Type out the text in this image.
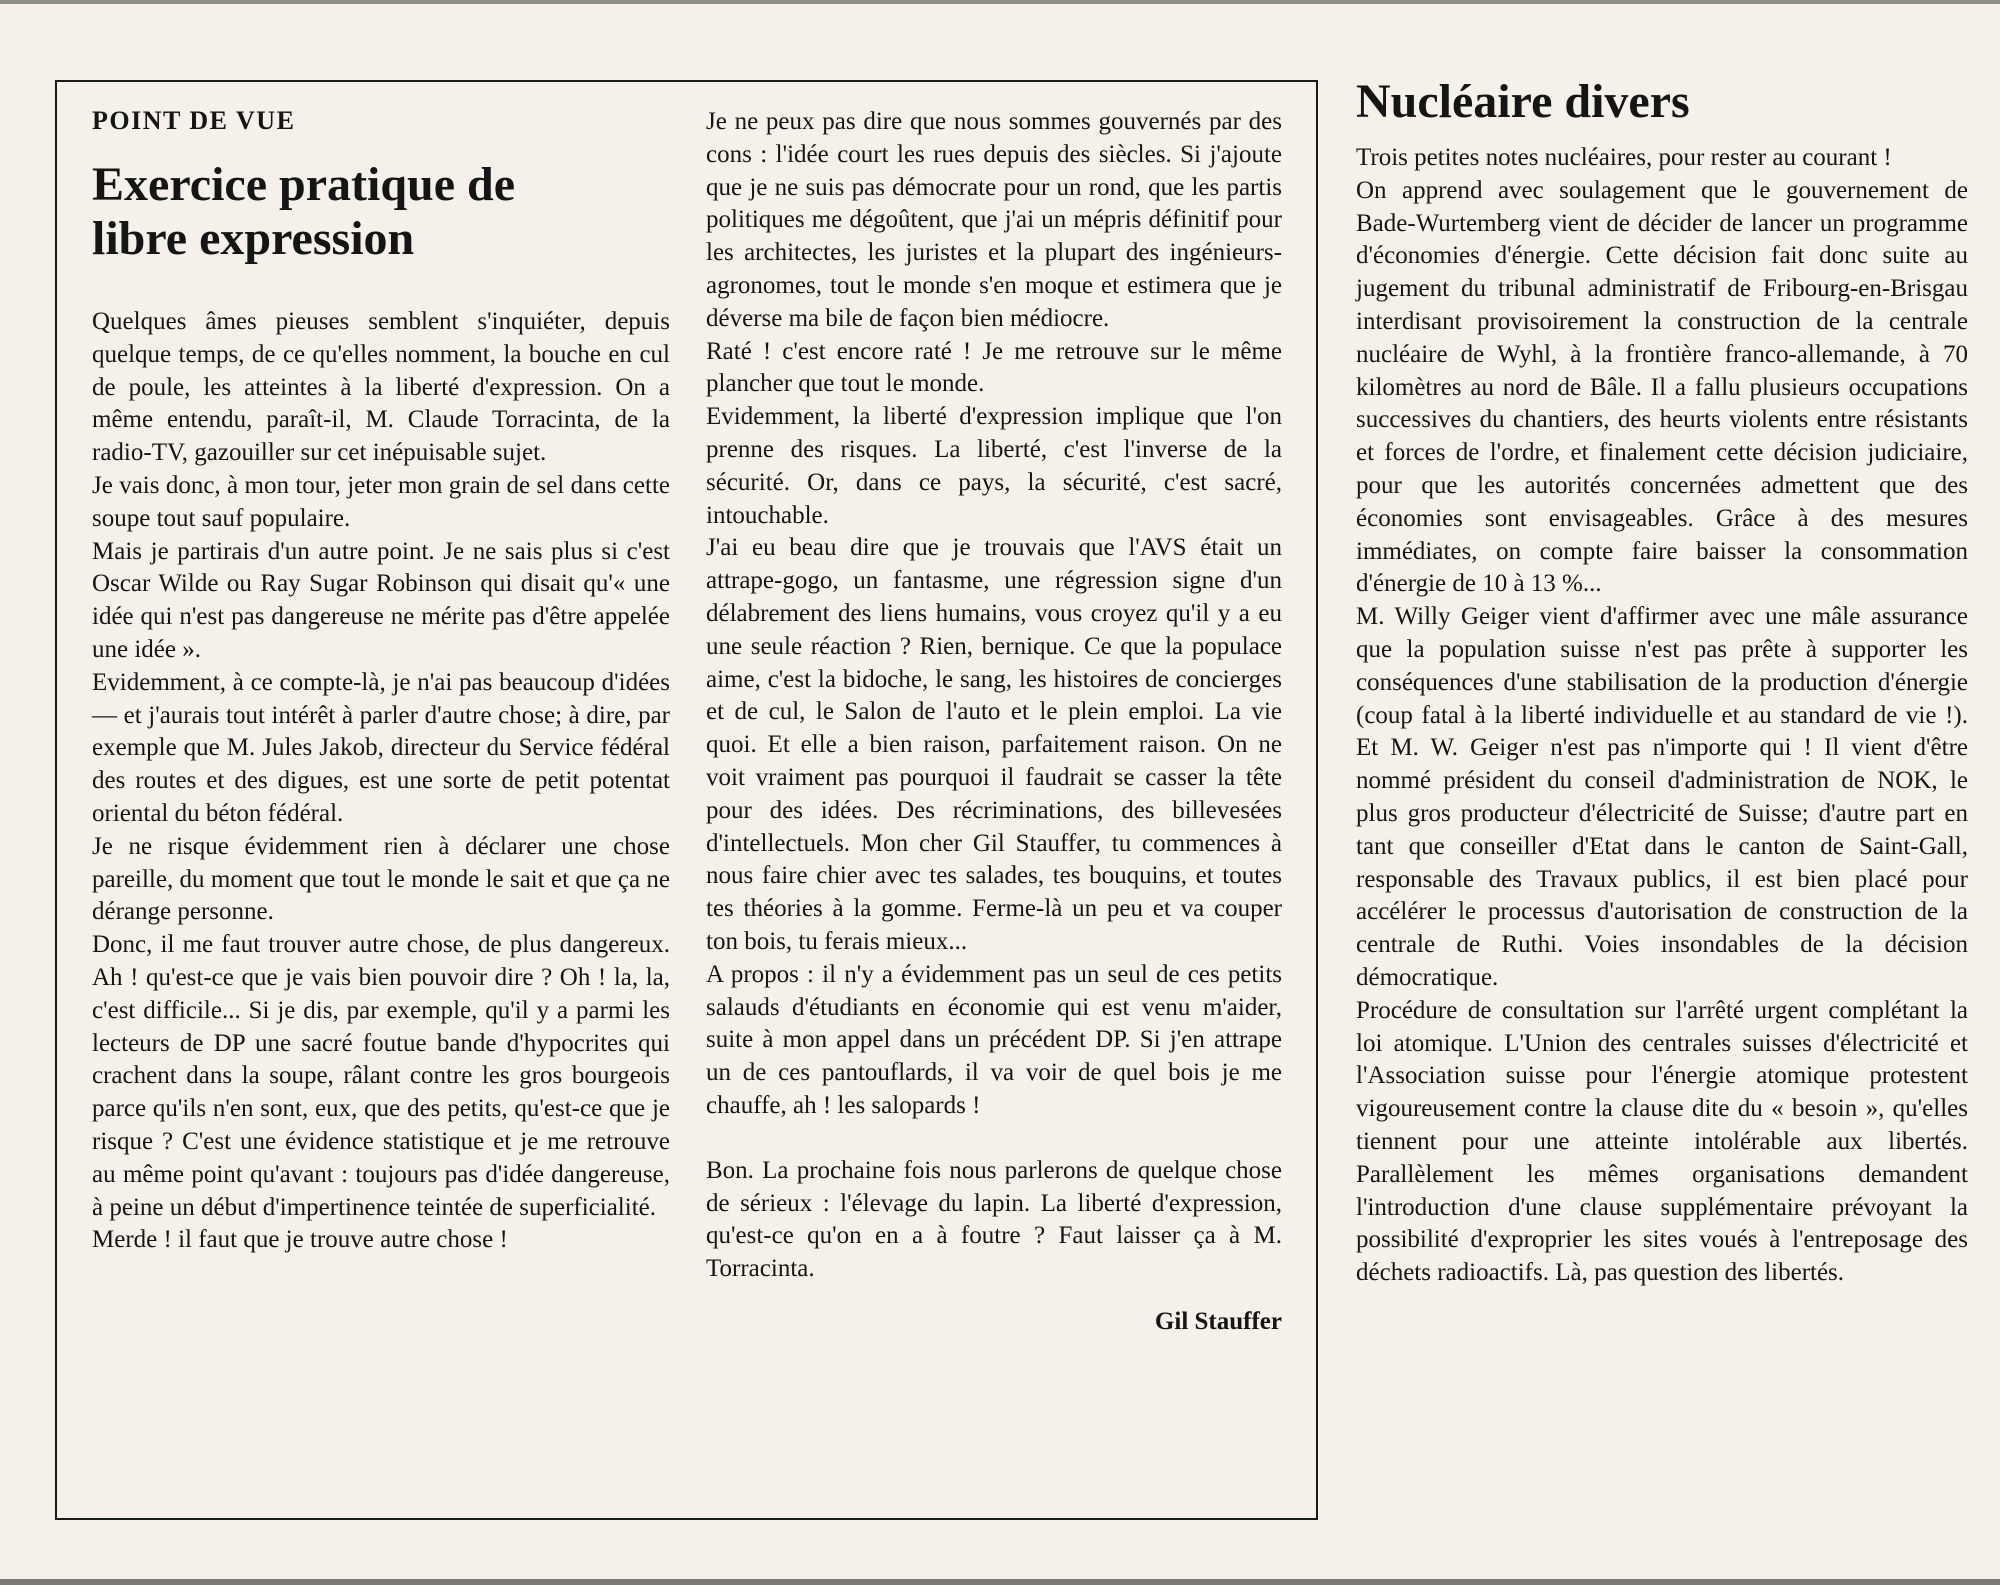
POINT DE VUE
Exercice pratique de libre expression

Quelques âmes pieuses semblent s'inquiéter, depuis quelque temps, de ce qu'elles nomment, la bouche en cul de poule, les atteintes à la liberté d'expression. On a même entendu, paraît-il, M. Claude Torracinta, de la radio-TV, gazouiller sur cet inépuisable sujet.

Je vais donc, à mon tour, jeter mon grain de sel dans cette soupe tout sauf populaire.

Mais je partirais d'un autre point. Je ne sais plus si c'est Oscar Wilde ou Ray Sugar Robinson qui disait qu'« une idée qui n'est pas dangereuse ne mérite pas d'être appelée une idée ».

Evidemment, à ce compte-là, je n'ai pas beaucoup d'idées — et j'aurais tout intérêt à parler d'autre chose; à dire, par exemple que M. Jules Jakob, directeur du Service fédéral des routes et des digues, est une sorte de petit potentat oriental du béton fédéral.

Je ne risque évidemment rien à déclarer une chose pareille, du moment que tout le monde le sait et que ça ne dérange personne.

Donc, il me faut trouver autre chose, de plus dangereux. Ah ! qu'est-ce que je vais bien pouvoir dire ? Oh ! la, la, c'est difficile... Si je dis, par exemple, qu'il y a parmi les lecteurs de DP une sacré foutue bande d'hypocrites qui crachent dans la soupe, râlant contre les gros bourgeois parce qu'ils n'en sont, eux, que des petits, qu'est-ce que je risque ? C'est une évidence statistique et je me retrouve au même point qu'avant : toujours pas d'idée dangereuse, à peine un début d'impertinence teintée de superficialité.

Merde ! il faut que je trouve autre chose !

Je ne peux pas dire que nous sommes gouvernés par des cons : l'idée court les rues depuis des siècles. Si j'ajoute que je ne suis pas démocrate pour un rond, que les partis politiques me dégoûtent, que j'ai un mépris définitif pour les architectes, les juristes et la plupart des ingénieurs-agronomes, tout le monde s'en moque et estimera que je déverse ma bile de façon bien médiocre.

Raté ! c'est encore raté ! Je me retrouve sur le même plancher que tout le monde.

Evidemment, la liberté d'expression implique que l'on prenne des risques. La liberté, c'est l'inverse de la sécurité. Or, dans ce pays, la sécurité, c'est sacré, intouchable.

J'ai eu beau dire que je trouvais que l'AVS était un attrape-gogo, un fantasme, une régression signe d'un délabrement des liens humains, vous croyez qu'il y a eu une seule réaction ? Rien, bernique. Ce que la populace aime, c'est la bidoche, le sang, les histoires de concierges et de cul, le Salon de l'auto et le plein emploi. La vie quoi. Et elle a bien raison, parfaitement raison. On ne voit vraiment pas pourquoi il faudrait se casser la tête pour des idées. Des récriminations, des billevesées d'intellectuels. Mon cher Gil Stauffer, tu commences à nous faire chier avec tes salades, tes bouquins, et toutes tes théories à la gomme. Ferme-là un peu et va couper ton bois, tu ferais mieux...

A propos : il n'y a évidemment pas un seul de ces petits salauds d'étudiants en économie qui est venu m'aider, suite à mon appel dans un précédent DP. Si j'en attrape un de ces pantouflards, il va voir de quel bois je me chauffe, ah ! les salopards !

Bon. La prochaine fois nous parlerons de quelque chose de sérieux : l'élevage du lapin. La liberté d'expression, qu'est-ce qu'on en a à foutre ? Faut laisser ça à M. Torracinta.

Gil Stauffer
Nucléaire divers

Trois petites notes nucléaires, pour rester au courant !

On apprend avec soulagement que le gouvernement de Bade-Wurtemberg vient de décider de lancer un programme d'économies d'énergie. Cette décision fait donc suite au jugement du tribunal administratif de Fribourg-en-Brisgau interdisant provisoirement la construction de la centrale nucléaire de Wyhl, à la frontière franco-allemande, à 70 kilomètres au nord de Bâle. Il a fallu plusieurs occupations successives du chantiers, des heurts violents entre résistants et forces de l'ordre, et finalement cette décision judiciaire, pour que les autorités concernées admettent que des économies sont envisageables. Grâce à des mesures immédiates, on compte faire baisser la consommation d'énergie de 10 à 13 %...

M. Willy Geiger vient d'affirmer avec une mâle assurance que la population suisse n'est pas prête à supporter les conséquences d'une stabilisation de la production d'énergie (coup fatal à la liberté individuelle et au standard de vie !). Et M. W. Geiger n'est pas n'importe qui ! Il vient d'être nommé président du conseil d'administration de NOK, le plus gros producteur d'électricité de Suisse; d'autre part en tant que conseiller d'Etat dans le canton de Saint-Gall, responsable des Travaux publics, il est bien placé pour accélérer le processus d'autorisation de construction de la centrale de Ruthi. Voies insondables de la décision démocratique.

Procédure de consultation sur l'arrêté urgent complétant la loi atomique. L'Union des centrales suisses d'électricité et l'Association suisse pour l'énergie atomique protestent vigoureusement contre la clause dite du « besoin », qu'elles tiennent pour une atteinte intolérable aux libertés. Parallèlement les mêmes organisations demandent l'introduction d'une clause supplémentaire prévoyant la possibilité d'exproprier les sites voués à l'entreposage des déchets radioactifs. Là, pas question des libertés.
